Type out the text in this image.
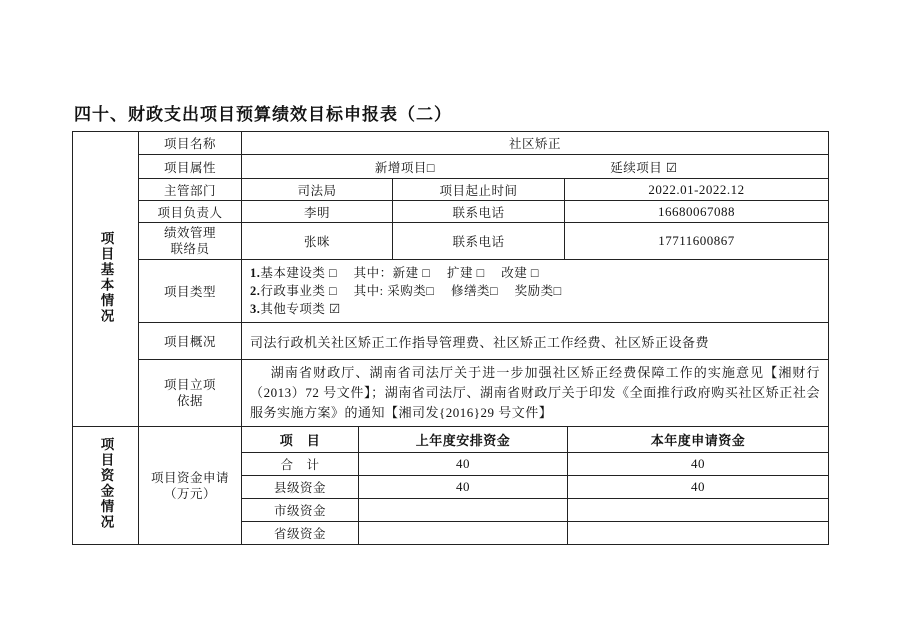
四十、财政支出项目预算绩效目标申报表（二）
项目基本情况	项目名称	社区矫正		
	项目属性	新增项目□ 延续项目 ☑		

	主管部门	司法局	项目起止时间	2022.01-2022.12
	项目负责人	李明	联系电话	16680067088

	绩效管理
联络员	张咪	联系电话	17711600867
	项目类型	1.基本建设类 □　 其中：新建 □　 扩建 □　 改建 □
2.行政事业类 □　 其中: 采购类□　 修缮类□　 奖励类□
3.其他专项类 ☑		

	项目概况	司法行政机关社区矫正工作指导管理费、社区矫正工作经费、社区矫正设备费		

	项目立项
依据	湖南省财政厅、湖南省司法厅关于进一步加强社区矫正经费保障工作的实施意见【湘财行（2013）72 号文件】；湖南省司法厅、湖南省财政厅关于印发《全面推行政府购买社区矫正社会服务实施方案》的通知【湘司发{2016}29 号文件】		
项目资金情况	项目资金申请
（万元）	项　目	上年度安排资金	本年度申请资金
		合　计	40	40
		县级资金	40	40
		市级资金		
		省级资金		
